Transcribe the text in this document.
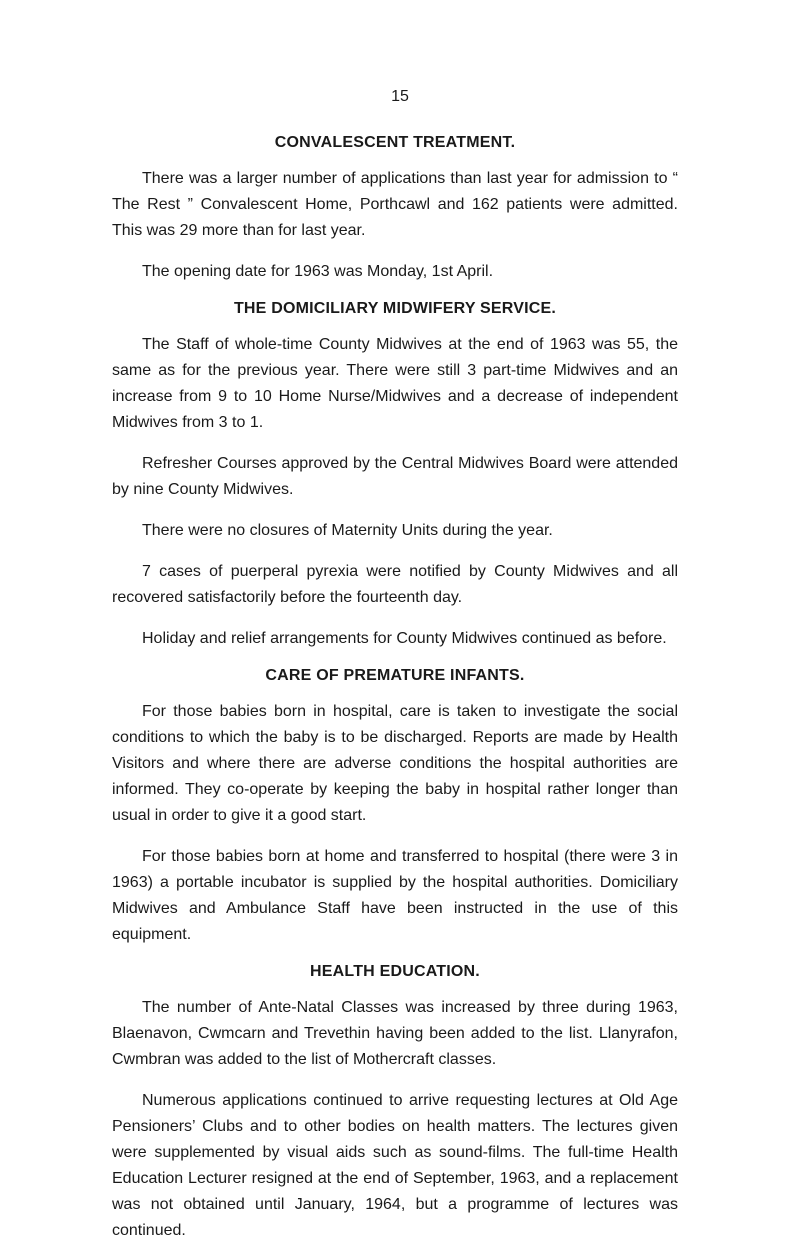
15
CONVALESCENT TREATMENT.

There was a larger number of applications than last year for admission to “ The Rest ” Convalescent Home, Porthcawl and 162 patients were admitted. This was 29 more than for last year.

The opening date for 1963 was Monday, 1st April.

THE DOMICILIARY MIDWIFERY SERVICE.

The Staff of whole-time County Midwives at the end of 1963 was 55, the same as for the previous year. There were still 3 part-time Midwives and an increase from 9 to 10 Home Nurse/Midwives and a decrease of independent Midwives from 3 to 1.

Refresher Courses approved by the Central Midwives Board were attended by nine County Midwives.

There were no closures of Maternity Units during the year.

7 cases of puerperal pyrexia were notified by County Midwives and all recovered satisfactorily before the fourteenth day.

Holiday and relief arrangements for County Midwives continued as before.

CARE OF PREMATURE INFANTS.

For those babies born in hospital, care is taken to investigate the social conditions to which the baby is to be discharged. Reports are made by Health Visitors and where there are adverse conditions the hospital authorities are informed. They co-operate by keeping the baby in hospital rather longer than usual in order to give it a good start.

For those babies born at home and transferred to hospital (there were 3 in 1963) a portable incubator is supplied by the hospital authorities. Domiciliary Midwives and Ambulance Staff have been instructed in the use of this equipment.

HEALTH EDUCATION.

The number of Ante-Natal Classes was increased by three during 1963, Blaenavon, Cwmcarn and Trevethin having been added to the list. Llanyrafon, Cwmbran was added to the list of Mothercraft classes.

Numerous applications continued to arrive requesting lectures at Old Age Pensioners’ Clubs and to other bodies on health matters. The lectures given were supplemented by visual aids such as sound-films. The full-time Health Education Lecturer resigned at the end of September, 1963, and a replacement was not obtained until January, 1964, but a programme of lectures was continued.
